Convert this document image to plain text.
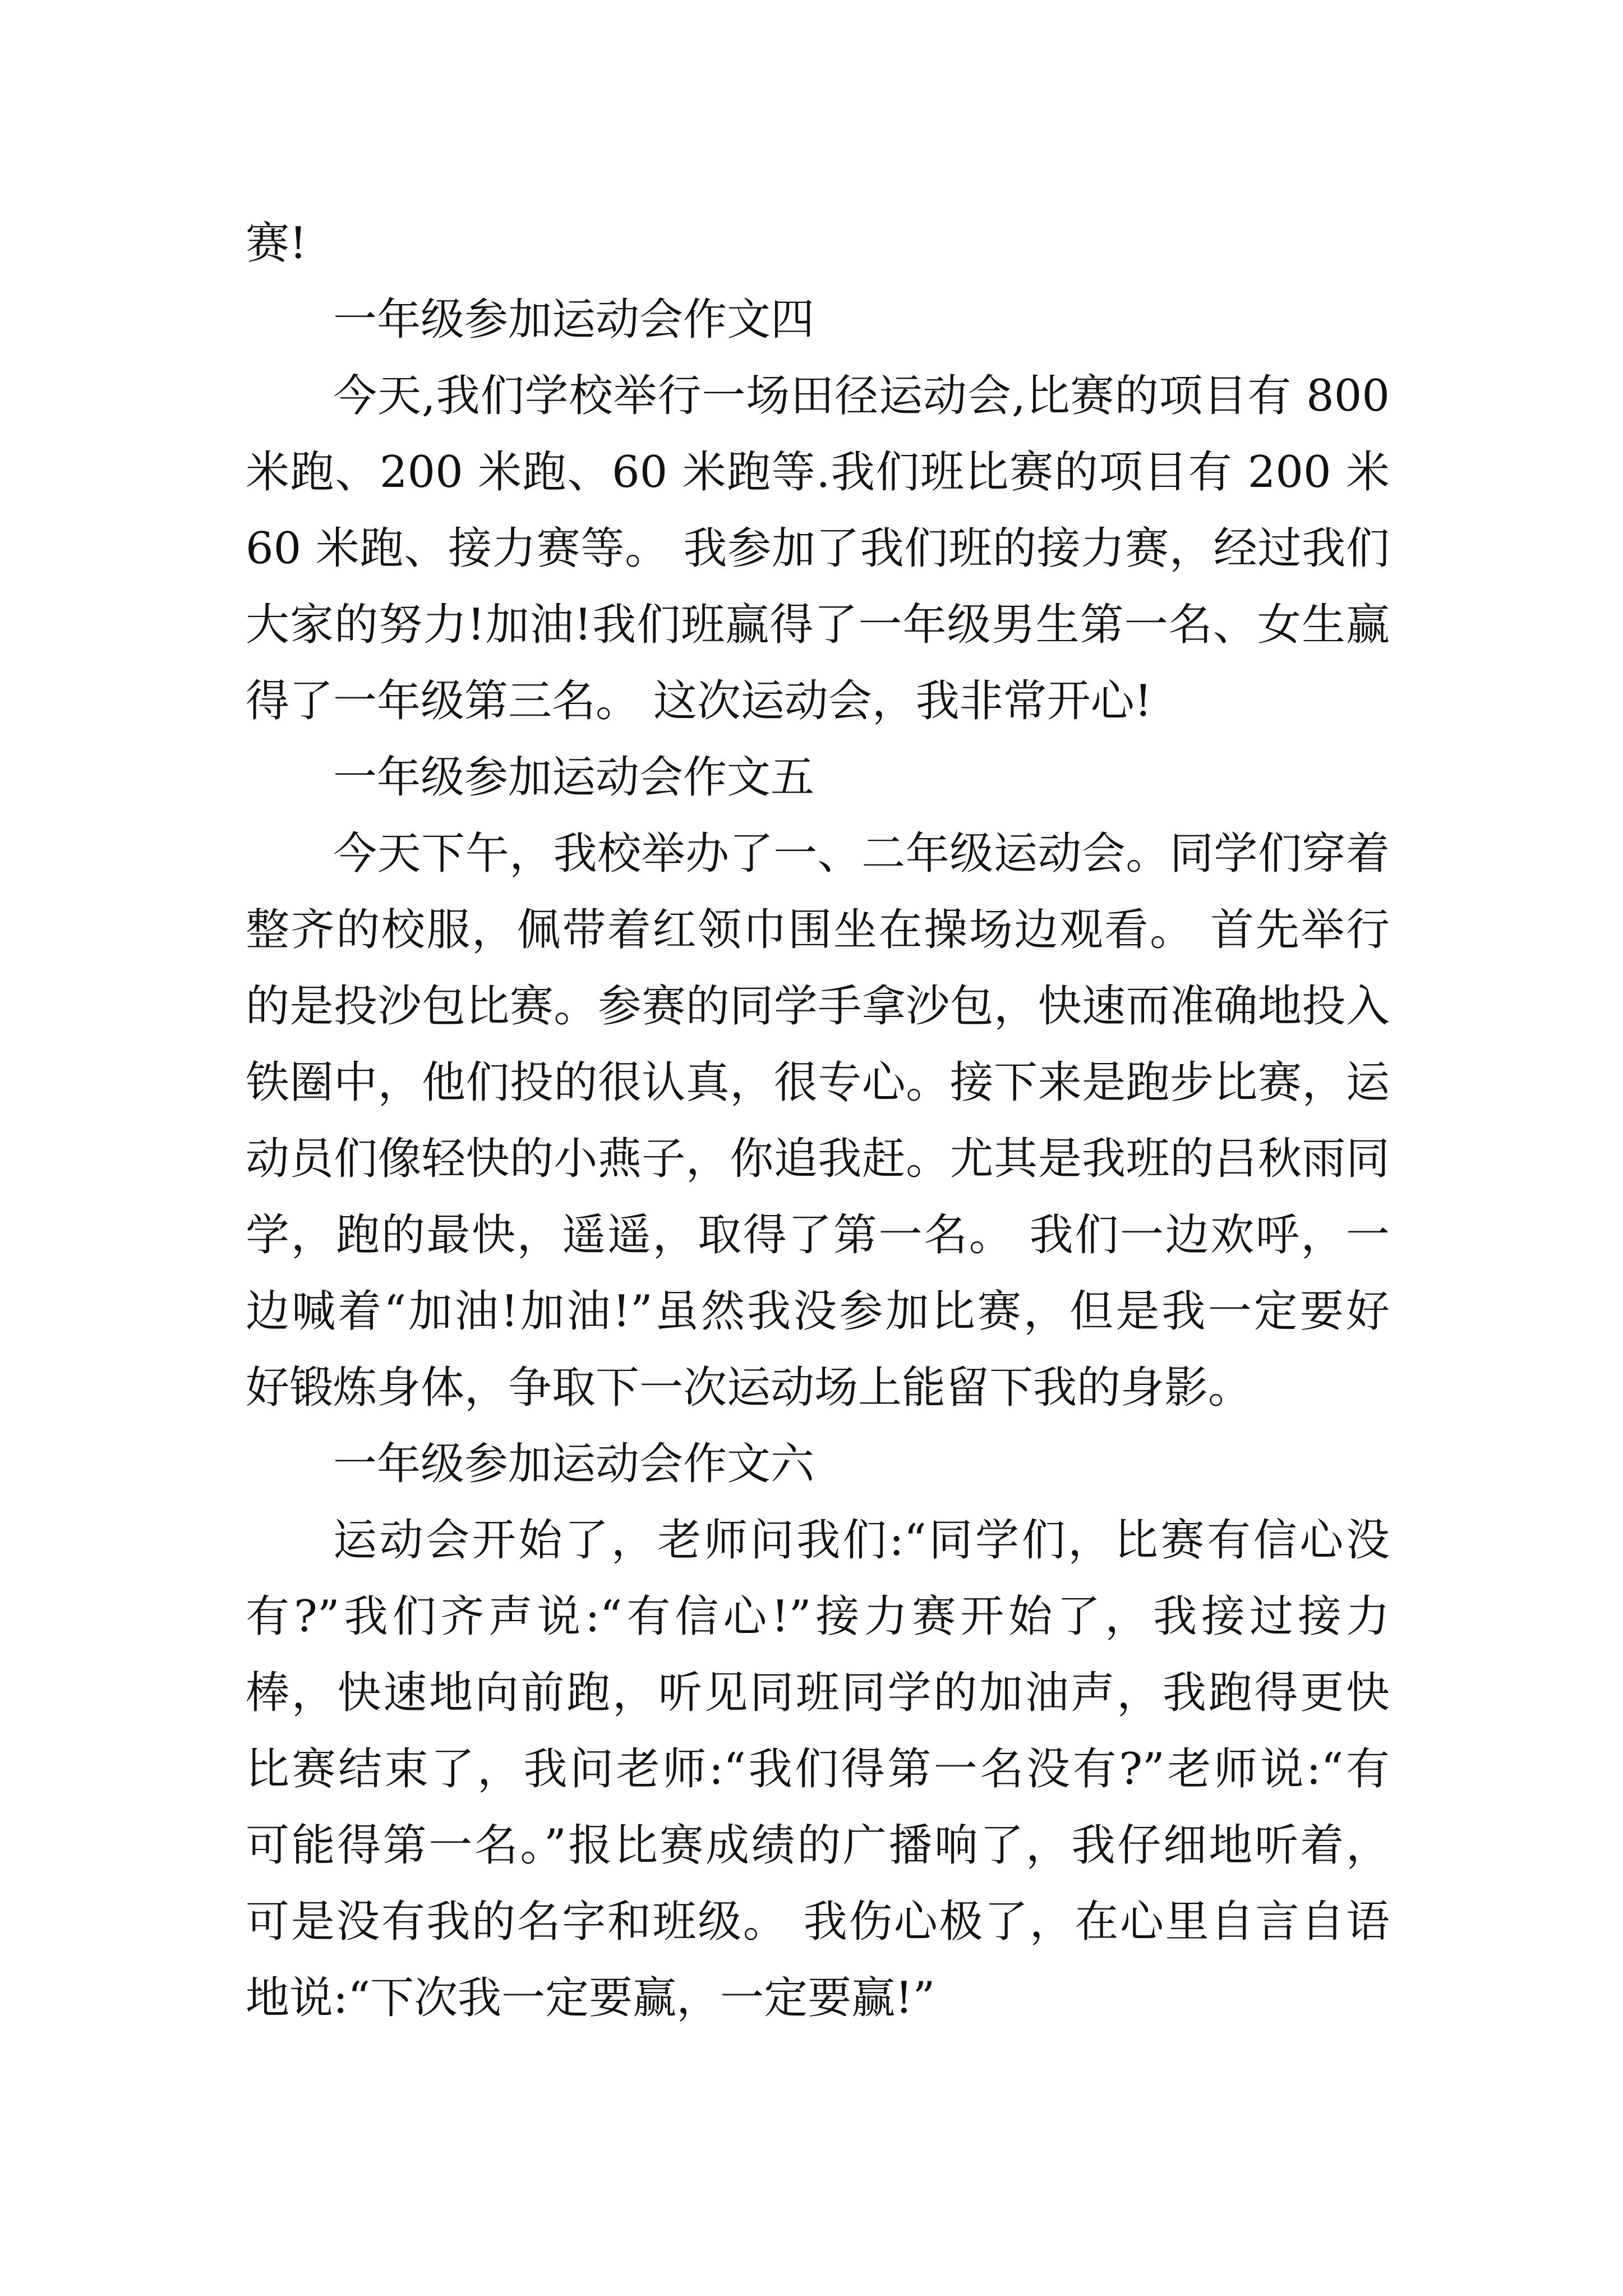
赛!
一年级参加运动会作文四
今天,我们学校举行一场田径运动会,比赛的项目有 800
米跑、200 米跑、60 米跑等.我们班比赛的项目有 200 米
60 米跑、接力赛等。 我参加了我们班的接力赛，经过我们
大家的努力!加油!我们班赢得了一年级男生第一名、女生赢
得了一年级第三名。 这次运动会，我非常开心!
一年级参加运动会作文五
今天下午，我校举办了一、二年级运动会。同学们穿着
整齐的校服，佩带着红领巾围坐在操场边观看。 首先举行
的是投沙包比赛。参赛的同学手拿沙包，快速而准确地投入
铁圈中，他们投的很认真，很专心。接下来是跑步比赛，运
动员们像轻快的小燕子，你追我赶。尤其是我班的吕秋雨同
学，跑的最快，遥遥，取得了第一名。 我们一边欢呼，一
边喊着“加油!加油!”虽然我没参加比赛，但是我一定要好
好锻炼身体，争取下一次运动场上能留下我的身影。
一年级参加运动会作文六
运动会开始了，老师问我们:“同学们，比赛有信心没
有?”我们齐声说:“有信心!”接力赛开始了，我接过接力
棒，快速地向前跑，听见同班同学的加油声，我跑得更快
比赛结束了，我问老师:“我们得第一名没有?”老师说:“有
可能得第一名。”报比赛成绩的广播响了，我仔细地听着，
可是没有我的名字和班级。 我伤心极了，在心里自言自语
地说:“下次我一定要赢，一定要赢!”
